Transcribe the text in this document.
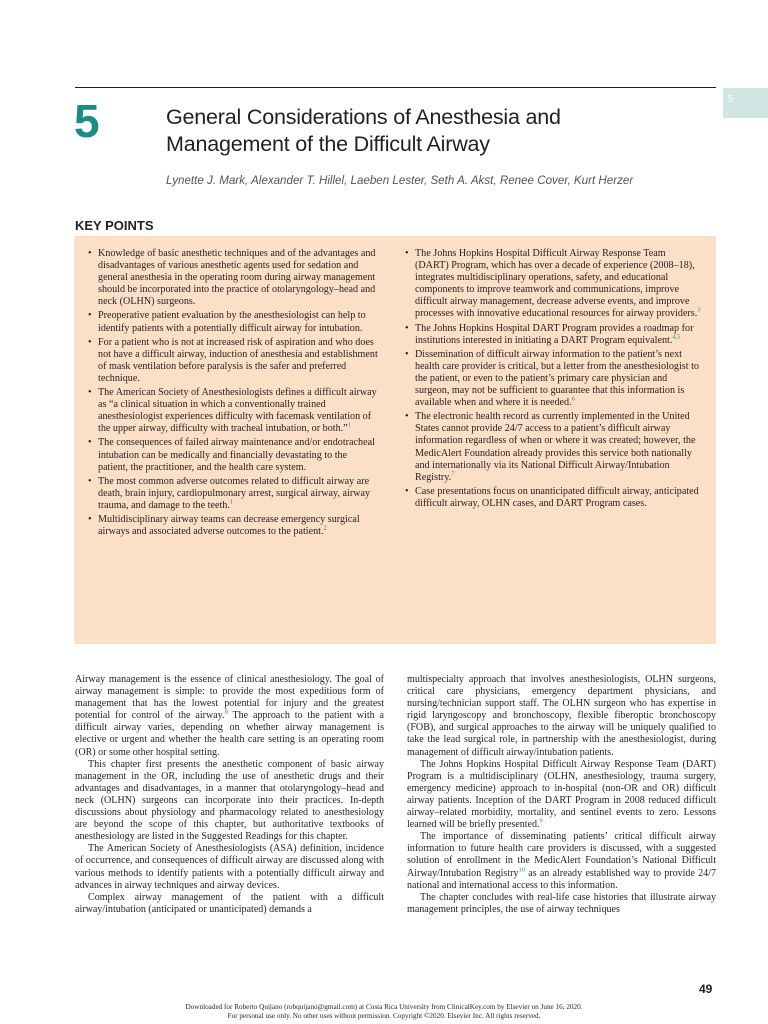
5
5	General Considerations of Anesthesia and
Management of the Difficult Airway
Lynette J. Mark, Alexander T. Hillel, Laeben Lester, Seth A. Akst, Renee Cover, Kurt Herzer
KEY POINTS
• Knowledge of basic anesthetic techniques and of the advantages and disadvantages of various anesthetic agents used for sedation and general anesthesia in the operating room during airway management should be incorporated into the practice of otolaryngology–head and neck (OLHN) surgeons.
• Preoperative patient evaluation by the anesthesiologist can help to identify patients with a potentially difficult airway for intubation.
• For a patient who is not at increased risk of aspiration and who does not have a difficult airway, induction of anesthesia and establishment of mask ventilation before paralysis is the safer and preferred technique.
• The American Society of Anesthesiologists defines a difficult airway as “a clinical situation in which a conventionally trained anesthesiologist experiences difficulty with facemask ventilation of the upper airway, difficulty with tracheal intubation, or both.”$^1$
• The consequences of failed airway maintenance and/or endotracheal intubation can be medically and financially devastating to the patient, the practitioner, and the health care system.
• The most common adverse outcomes related to difficult airway are death, brain injury, cardiopulmonary arrest, surgical airway, airway trauma, and damage to the teeth.$^1$
• Multidisciplinary airway teams can decrease emergency surgical airways and associated adverse outcomes to the patient.$^2$
• The Johns Hopkins Hospital Difficult Airway Response Team (DART) Program, which has over a decade of experience (2008–18), integrates multidisciplinary operations, safety, and educational components to improve teamwork and communications, improve difficult airway management, decrease adverse events, and improve processes with innovative educational resources for airway providers.$^3$
• The Johns Hopkins Hospital DART Program provides a roadmap for institutions interested in initiating a DART Program equivalent.$^{4,5}$
• Dissemination of difficult airway information to the patient’s next health care provider is critical, but a letter from the anesthesiologist to the patient, or even to the patient’s primary care physician and surgeon, may not be sufficient to guarantee that this information is available when and where it is needed.$^6$
• The electronic health record as currently implemented in the United States cannot provide 24/7 access to a patient’s difficult airway information regardless of when or where it was created; however, the MedicAlert Foundation already provides this service both nationally and internationally via its National Difficult Airway/Intubation Registry.$^7$
• Case presentations focus on unanticipated difficult airway, anticipated difficult airway, OLHN cases, and DART Program cases.

Airway management is the essence of clinical anesthesiology. The goal of airway management is simple: to provide the most expeditious form of management that has the lowest potential for injury and the greatest potential for control of the airway.$^8$ The approach to the patient with a difficult airway varies, depending on whether airway management is elective or urgent and whether the health care setting is an operating room (OR) or some other hospital setting.

This chapter first presents the anesthetic component of basic airway management in the OR, including the use of anesthetic drugs and their advantages and disadvantages, in a manner that otolaryngology–head and neck (OLHN) surgeons can incorporate into their practices. In-depth discussions about physiology and pharmacology related to anesthesiology are beyond the scope of this chapter, but authoritative textbooks of anesthesiology are listed in the Suggested Readings for this chapter.

The American Society of Anesthesiologists (ASA) definition, incidence of occurrence, and consequences of difficult airway are discussed along with various methods to identify patients with a potentially difficult airway and advances in airway techniques and airway devices.

Complex airway management of the patient with a difficult airway/intubation (anticipated or unanticipated) demands a

multispecialty approach that involves anesthesiologists, OLHN surgeons, critical care physicians, emergency department physicians, and nursing/technician support staff. The OLHN surgeon who has expertise in rigid laryngoscopy and bronchoscopy, flexible fiberoptic bronchoscopy (FOB), and surgical approaches to the airway will be uniquely qualified to take the lead surgical role, in partnership with the anesthesiologist, during management of difficult airway/intubation patients.

The Johns Hopkins Hospital Difficult Airway Response Team (DART) Program is a multidisciplinary (OLHN, anesthesiology, trauma surgery, emergency medicine) approach to in-hospital (non-OR and OR) difficult airway patients. Inception of the DART Program in 2008 reduced difficult airway–related morbidity, mortality, and sentinel events to zero. Lessons learned will be briefly presented.$^9$

The importance of disseminating patients’ critical difficult airway information to future health care providers is discussed, with a suggested solution of enrollment in the MedicAlert Foundation’s National Difficult Airway/Intubation Registry$^{10}$ as an already established way to provide 24/7 national and international access to this information.

The chapter concludes with real-life case histories that illustrate airway management principles, the use of airway techniques

49
Downloaded for Roberto Quijano (robquijano@gmail.com) at Costa Rica University from ClinicalKey.com by Elsevier on June 16, 2020.
For personal use only. No other uses without permission. Copyright ©2020. Elsevier Inc. All rights reserved.
